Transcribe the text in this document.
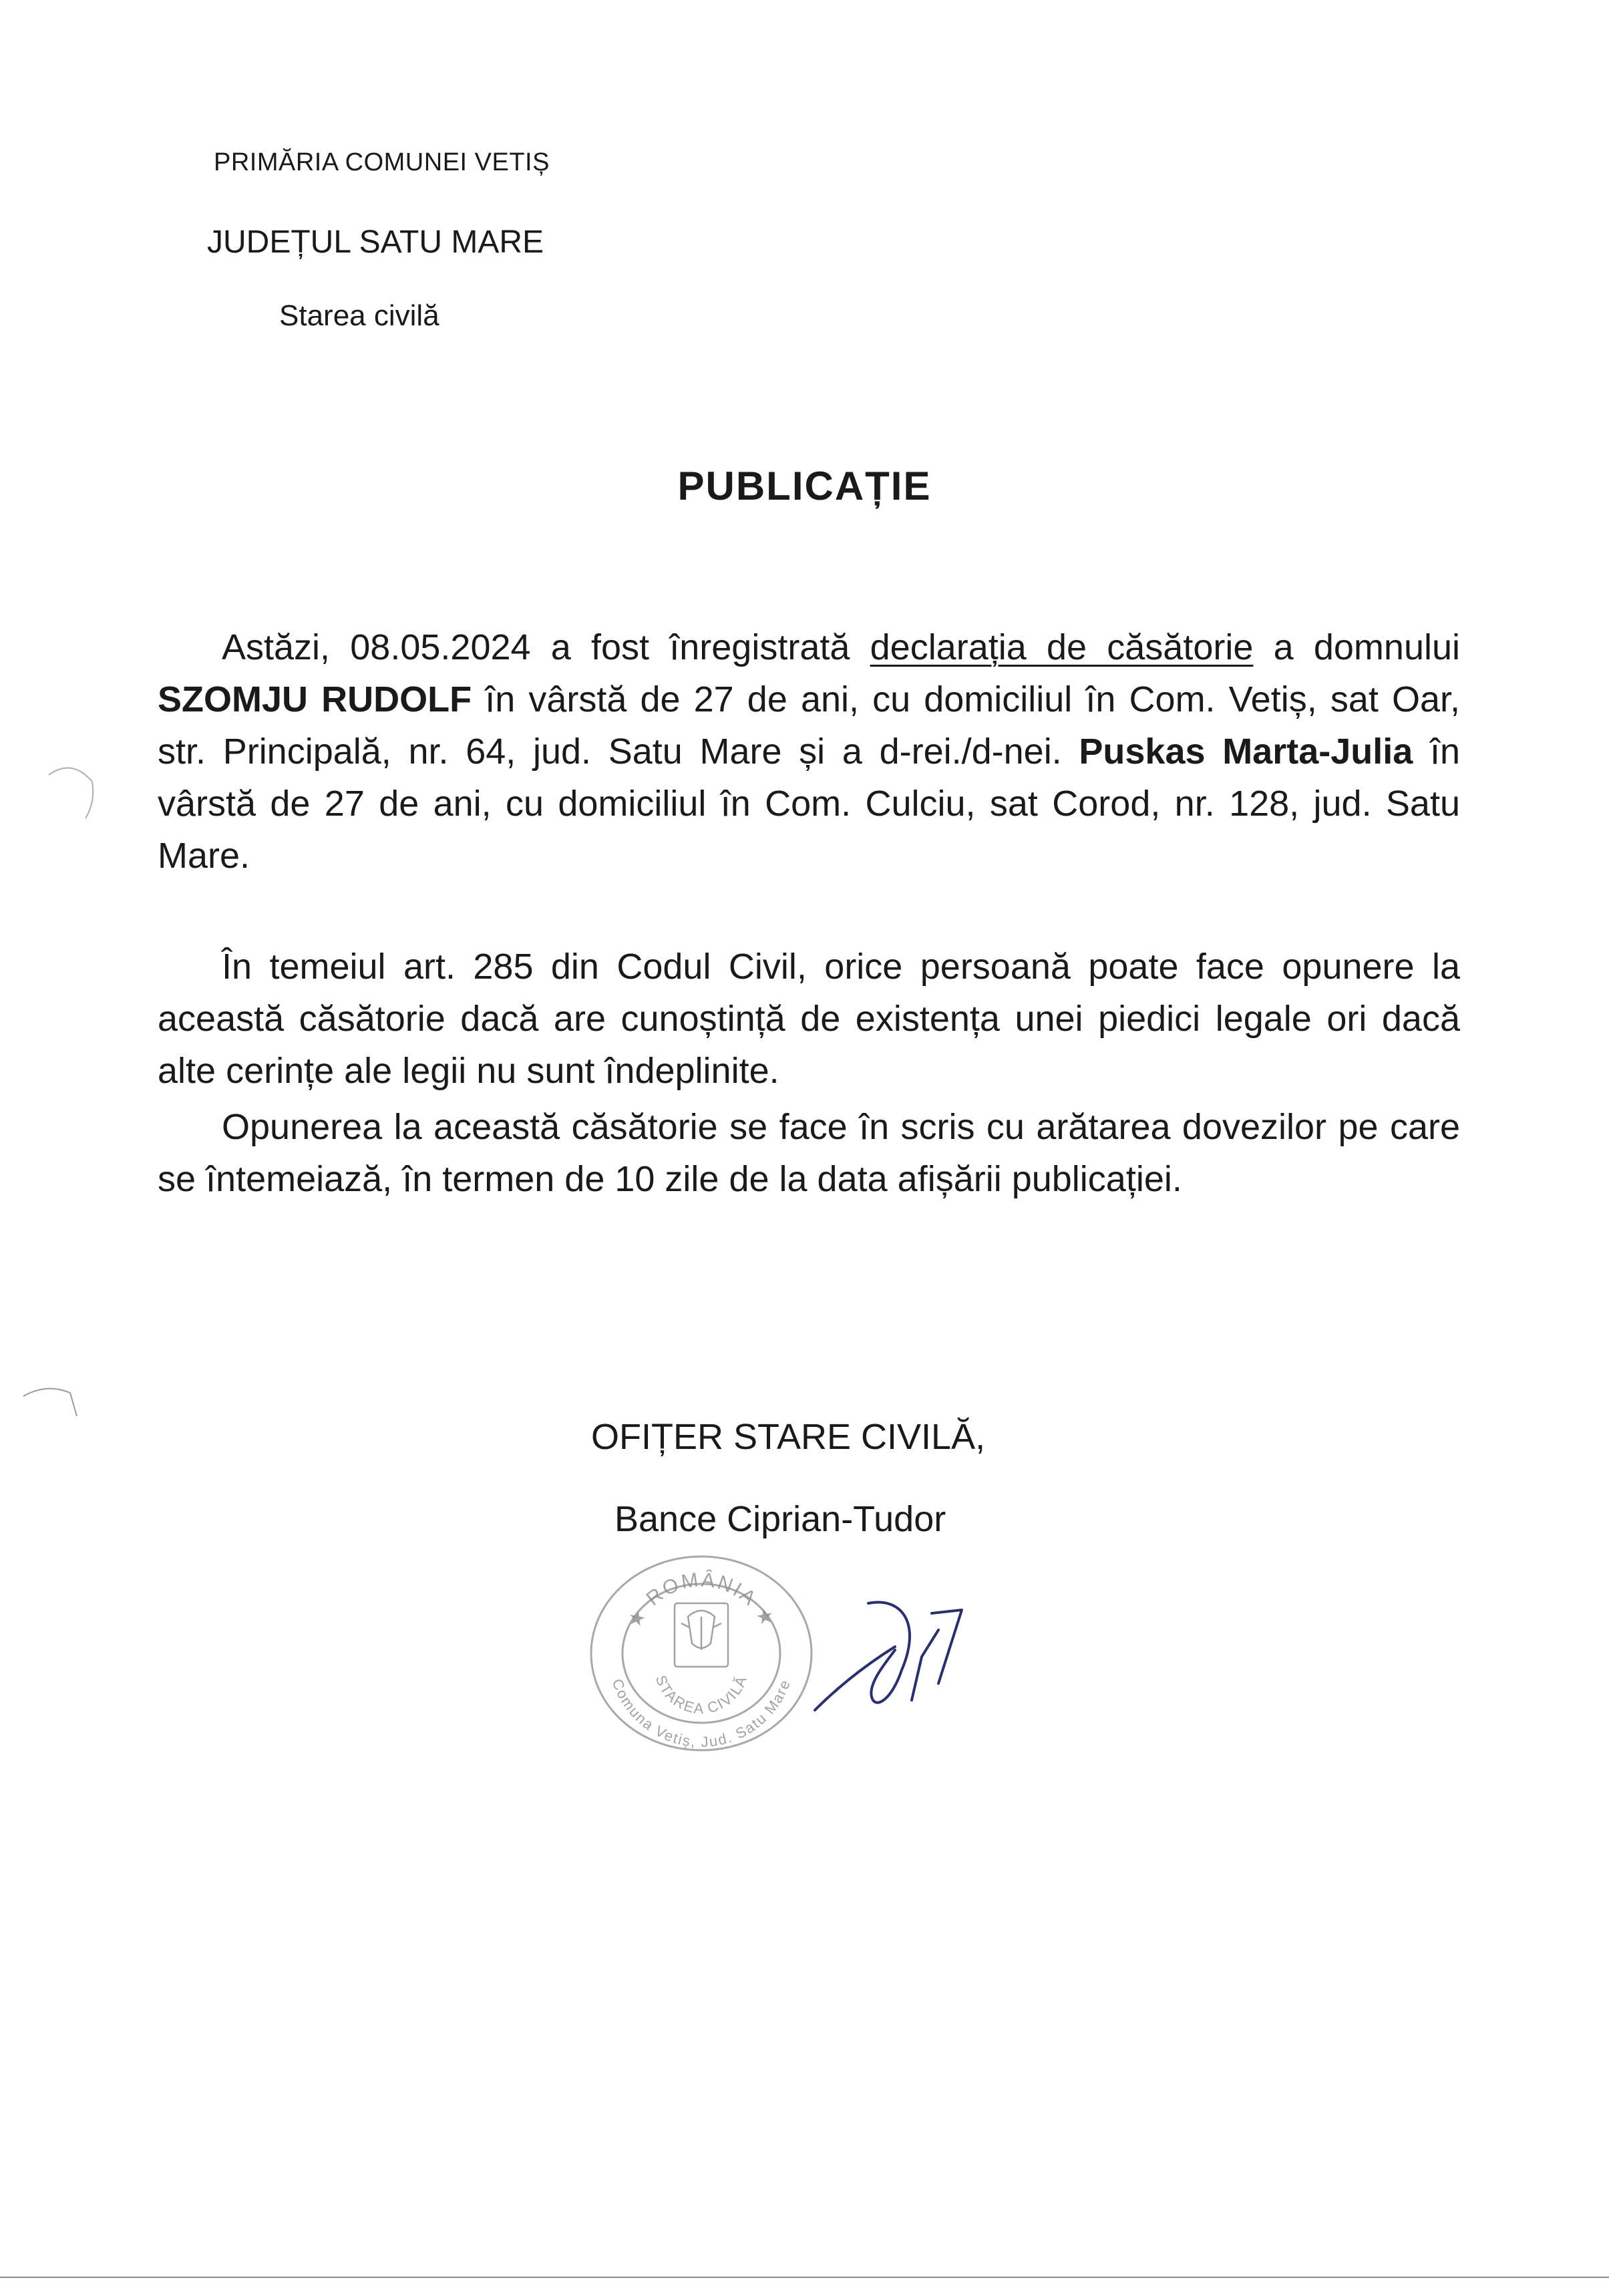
PRIMĂRIA COMUNEI VETIȘ
JUDEȚUL SATU MARE
Starea civilă
PUBLICAȚIE
Astăzi, 08.05.2024 a fost înregistrată declarația de căsătorie a domnului SZOMJU RUDOLF în vârstă de 27 de ani, cu domiciliul în Com. Vetiș, sat Oar, str. Principală, nr. 64, jud. Satu Mare și a d-rei./d-nei. Puskas Marta-Julia în vârstă de 27 de ani, cu domiciliul în Com. Culciu, sat Corod, nr. 128, jud. Satu Mare.
În temeiul art. 285 din Codul Civil, orice persoană poate face opunere la această căsătorie dacă are cunoștință de existența unei piedici legale ori dacă alte cerințe ale legii nu sunt îndeplinite.
Opunerea la această căsătorie se face în scris cu arătarea dovezilor pe care se întemeiază, în termen de 10 zile de la data afișării publicației.
OFIȚER STARE CIVILĂ,
Bance Ciprian-Tudor
★ ROMÂNIA ★
Comuna Vetiș, Jud. Satu Mare
STAREA CIVILĂ
